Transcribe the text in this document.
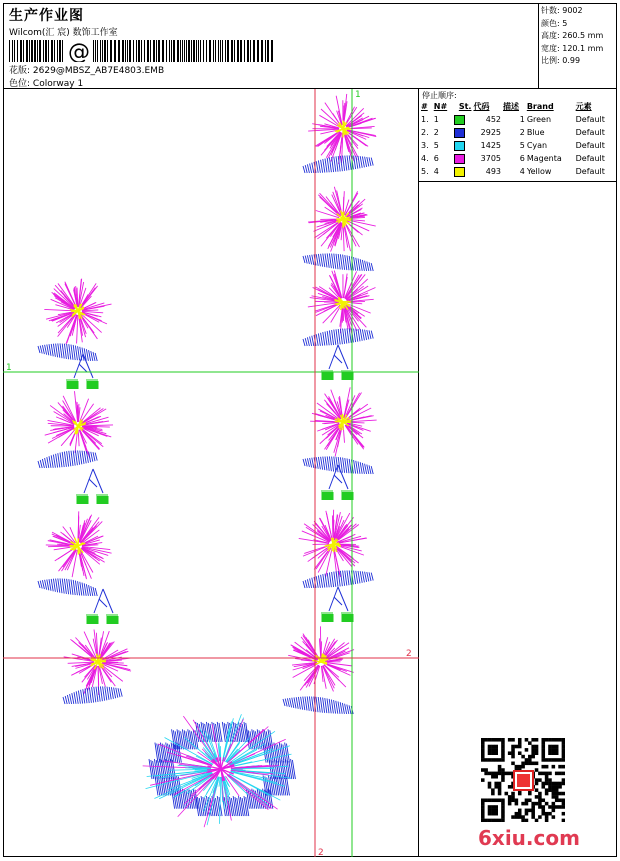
生产作业图
Wilcom(汇 宸) 数饰工作室
@
花版: 2629@MBSZ_AB7E4803.EMB
色位: Colorway 1
针数: 9002
颜色: 5
高度: 260.5 mm
宽度: 120.1 mm
比例: 0.99
停止顺序:
#	N#	St.	代码	描述	Brand	元素
1.	1		452	1	Green	Default
2.	2		2925	2	Blue	Default
3.	5		1425	5	Cyan	Default
4.	6		3705	6	Magenta	Default
5.	4		493	4	Yellow	Default
1
1
2
2
6xiu.com
